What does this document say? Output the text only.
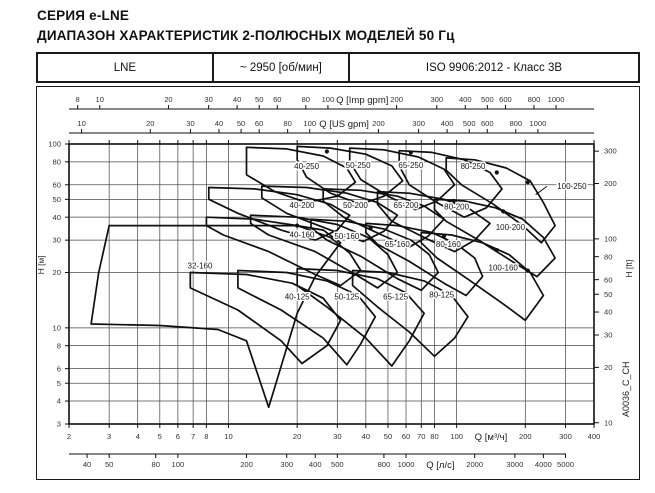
СЕРИЯ e-LNE
ДИАПАЗОН ХАРАКТЕРИСТИК 2-ПОЛЮСНЫХ МОДЕЛЕЙ 50 Гц
LNE	~ 2950 [об/мин]	ISO 9906:2012 - Класс 3В
3
4
5
6
8
10
20
30
40
50
60
80
100
H [м]
10
20
30
40
50
60
80
100
200
300
H [ft]
8 10	20	30	40 50 60	80 100	200	300 400 500 600 800 1000
Q [Imp gpm]
10	20	30	40 50 60	80 100	200	300 400 500 600 800 1000
Q [US gpm]
2	3	4 5 6 7 8 10	20	30	40 50 60 70 80 100	200	300 400
Q [м³/ч]
40 50	80 100	200	300 400 500	800 1000	2000	3000 4000 5000
Q [л/с]
32-160
40-125	50-125	65-125	80-125
40-160 50-160
65-160	80-160
100-160
40-200	50-200	65-200	80-200
100-200
40-250	50-250	65-250	80-250
100-250
A0036_C_CH
